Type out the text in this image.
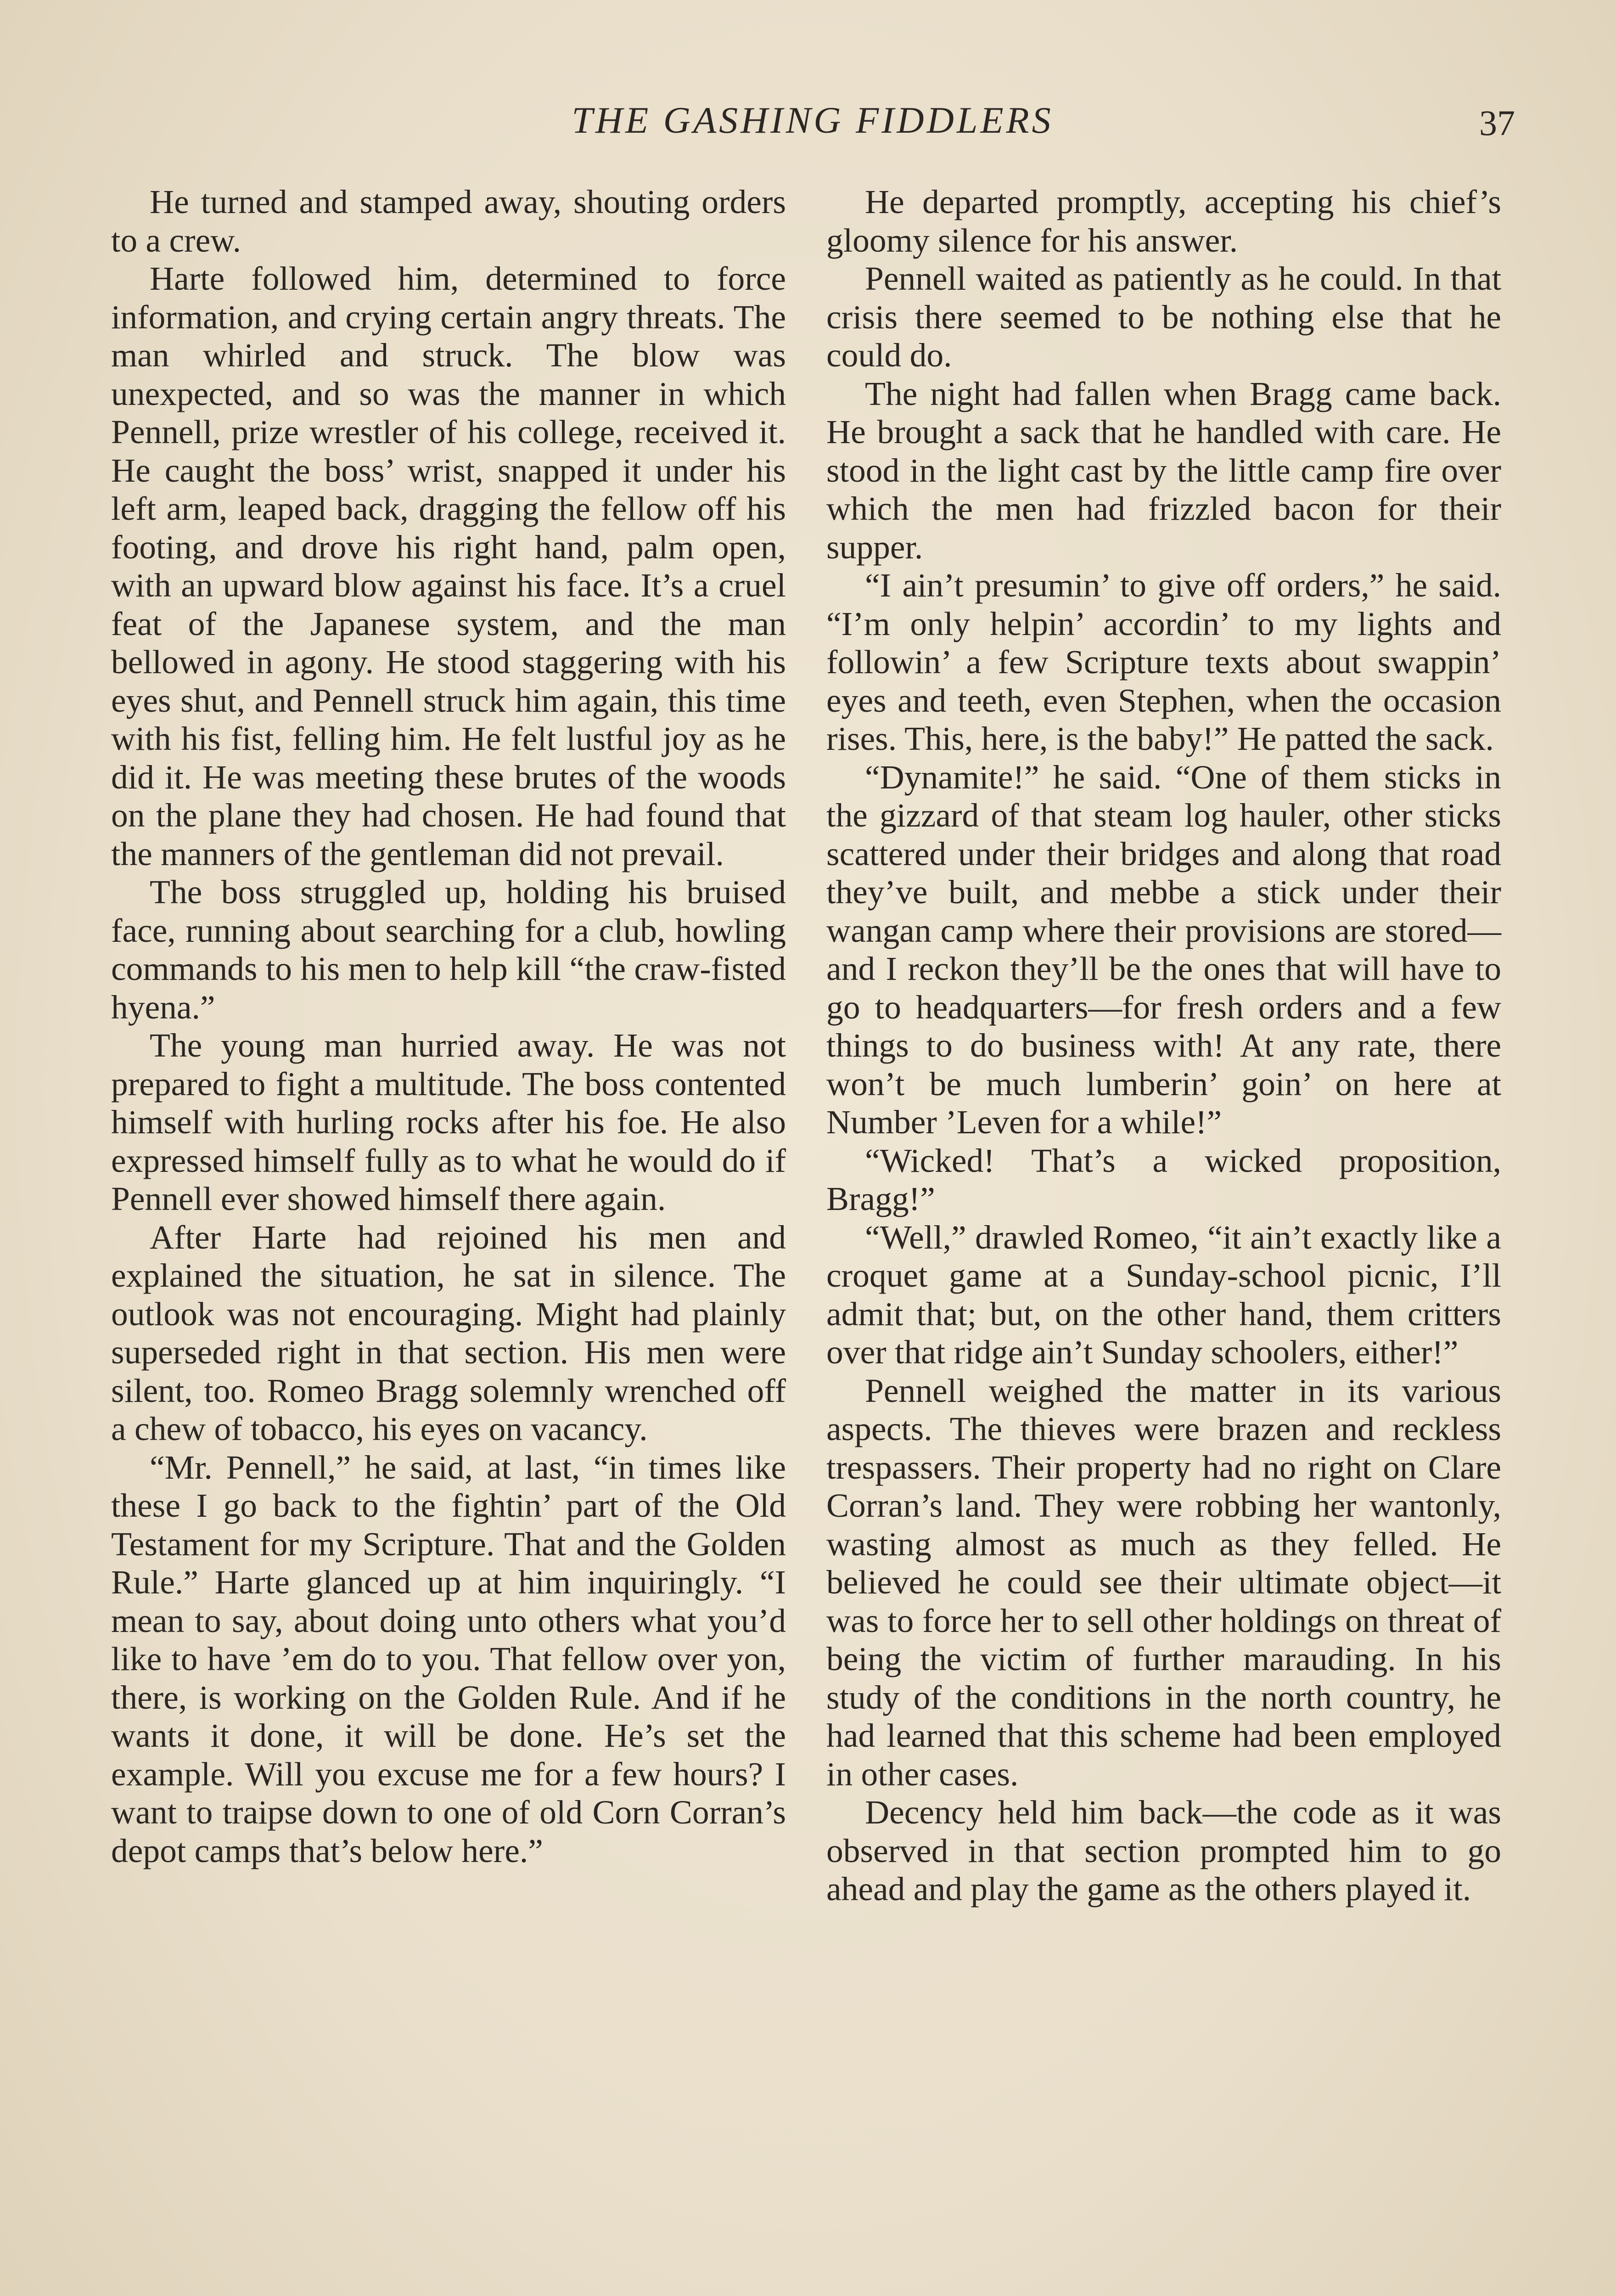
THE GASHING FIDDLERS	37

He turned and stamped away, shouting orders to a crew.

Harte followed him, determined to force information, and crying certain angry threats. The man whirled and struck. The blow was unexpected, and so was the manner in which Pennell, prize wrestler of his college, received it. He caught the boss’ wrist, snapped it under his left arm, leaped back, dragging the fellow off his footing, and drove his right hand, palm open, with an upward blow against his face. It’s a cruel feat of the Japanese system, and the man bellowed in agony. He stood staggering with his eyes shut, and Pennell struck him again, this time with his fist, felling him. He felt lustful joy as he did it. He was meeting these brutes of the woods on the plane they had chosen. He had found that the manners of the gentleman did not prevail.

The boss struggled up, holding his bruised face, running about searching for a club, howling commands to his men to help kill “the craw-fisted hyena.”

The young man hurried away. He was not prepared to fight a multitude. The boss contented himself with hurling rocks after his foe. He also expressed himself fully as to what he would do if Pennell ever showed himself there again.

After Harte had rejoined his men and explained the situation, he sat in silence. The outlook was not encouraging. Might had plainly superseded right in that section. His men were silent, too. Romeo Bragg solemnly wrenched off a chew of tobacco, his eyes on vacancy.

“Mr. Pennell,” he said, at last, “in times like these I go back to the fightin’ part of the Old Testament for my Scripture. That and the Golden Rule.” Harte glanced up at him inquiringly. “I mean to say, about doing unto others what you’d like to have ’em do to you. That fellow over yon, there, is working on the Golden Rule. And if he wants it done, it will be done. He’s set the example. Will you excuse me for a few hours? I want to traipse down to one of old Corn Corran’s depot camps that’s below here.”

He departed promptly, accepting his chief’s gloomy silence for his answer.

Pennell waited as patiently as he could. In that crisis there seemed to be nothing else that he could do.

The night had fallen when Bragg came back. He brought a sack that he handled with care. He stood in the light cast by the little camp fire over which the men had frizzled bacon for their supper.

“I ain’t presumin’ to give off orders,” he said. “I’m only helpin’ accordin’ to my lights and followin’ a few Scripture texts about swappin’ eyes and teeth, even Stephen, when the occasion rises. This, here, is the baby!” He patted the sack.

“Dynamite!” he said. “One of them sticks in the gizzard of that steam log hauler, other sticks scattered under their bridges and along that road they’ve built, and mebbe a stick under their wangan camp where their provisions are stored—and I reckon they’ll be the ones that will have to go to headquarters—for fresh orders and a few things to do business with! At any rate, there won’t be much lumberin’ goin’ on here at Number ’Leven for a while!”

“Wicked! That’s a wicked proposition, Bragg!”

“Well,” drawled Romeo, “it ain’t exactly like a croquet game at a Sunday-school picnic, I’ll admit that; but, on the other hand, them critters over that ridge ain’t Sunday schoolers, either!”

Pennell weighed the matter in its various aspects. The thieves were brazen and reckless trespassers. Their property had no right on Clare Corran’s land. They were robbing her wantonly, wasting almost as much as they felled. He believed he could see their ultimate object—it was to force her to sell other holdings on threat of being the victim of further marauding. In his study of the conditions in the north country, he had learned that this scheme had been employed in other cases.

Decency held him back—the code as it was observed in that section prompted him to go ahead and play the game as the others played it.
